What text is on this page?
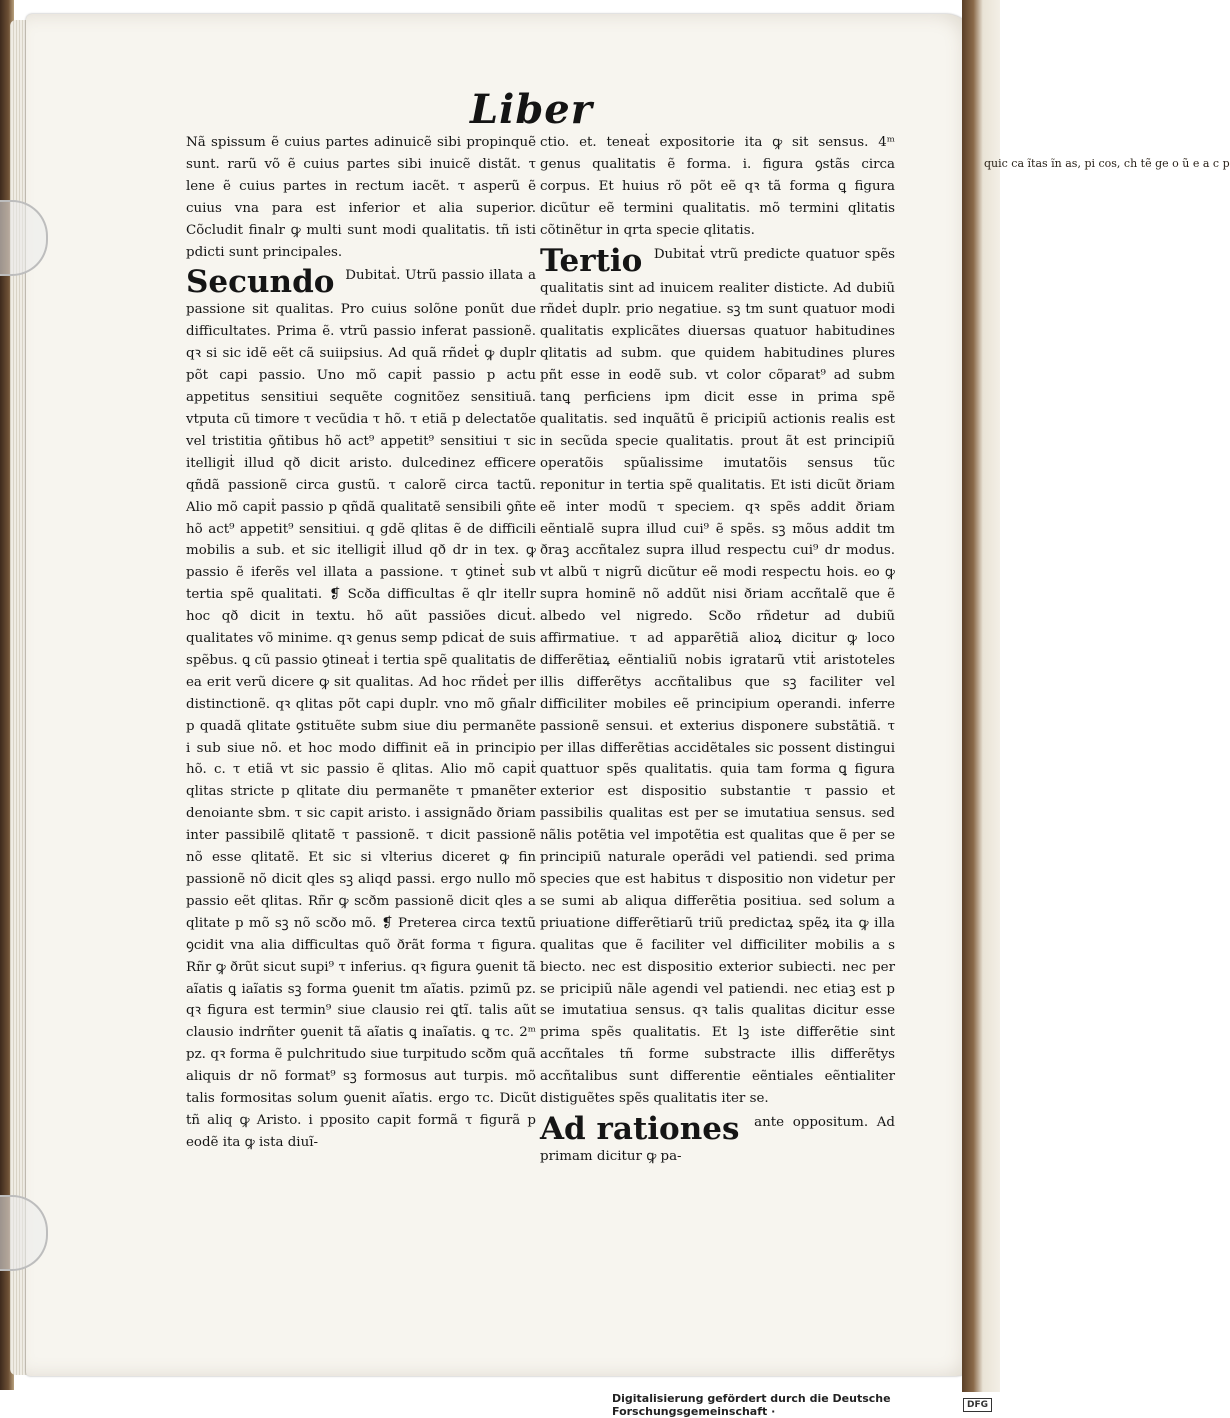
quic ca ĩtas ĩn as, pi cos, ch tẽ ge o ũ e a c p
Liber

Nã spissum ẽ cuius partes adinuicẽ sibi propinquẽ sunt. rarũ võ ẽ cuius partes sibi inuicẽ distãt. τ lene ẽ cuius partes in rectum iacẽt. τ asperũ ẽ cuius vna para est inferior et alia superior. Cõcludit finalr ꝙ multi sunt modi qualitatis. tñ isti pdicti sunt principales.

Secundo Dubitaṫ. Utrũ passio illata a passione sit qualitas. Pro cuius solõne ponũt due difficultates. Prima ẽ. vtrũ passio inferat passionẽ. qꝛ si sic idẽ eẽt cã suiipsius. Ad quã rñdeṫ ꝙ duplr põt capi passio. Uno mõ capiṫ passio p actu appetitus sensitiui sequẽte cognitõez sensitiuã. vtputa cũ timore τ vecũdia τ hõ. τ etiã p delectatõe vel tristitia ꝯñtibus hõ act⁹ appetit⁹ sensitiui τ sic itelligiṫ illud qð dicit aristo. dulcedinez efficere qñdã passionẽ circa gustũ. τ calorẽ circa tactũ. Alio mõ capiṫ passio p qñdã qualitatẽ sensibili ꝯñte hõ act⁹ appetit⁹ sensitiui. q gdẽ qlitas ẽ de difficili mobilis a sub. et sic itelligiṫ illud qð dr in tex. ꝙ passio ẽ iferẽs vel illata a passione. τ ꝯtineṫ sub tertia spẽ qualitati. ❡ Scða difficultas ẽ qlr itellr hoc qð dicit in textu. hõ aũt passiões dicuṫ. qualitates võ minime. qꝛ genus semp pdicaṫ de suis spẽbus. ꝗ cũ passio ꝯtineaṫ i tertia spẽ qualitatis de ea erit verũ dicere ꝙ sit qualitas. Ad hoc rñdeṫ per distinctionẽ. qꝛ qlitas põt capi duplr. vno mõ gñalr p quadã qlitate ꝯstituẽte subm siue diu permanẽte i sub siue nõ. et hoc modo diffinit eã in principio hõ. c. τ etiã vt sic passio ẽ qlitas. Alio mõ capiṫ qlitas stricte p qlitate diu permanẽte τ pmanẽter denoiante sbm. τ sic capit aristo. i assignãdo ðriam inter passibilẽ qlitatẽ τ passionẽ. τ dicit passionẽ nõ esse qlitatẽ. Et sic si vlterius diceret ꝙ fin passionẽ nõ dicit qles sꝫ aliqd passi. ergo nullo mõ passio eẽt qlitas. Rñr ꝙ scðm passionẽ dicit qles a qlitate p mõ sꝫ nõ scðo mõ. ❡ Preterea circa textũ ꝯcidit vna alia difficultas quõ ðrãt forma τ figura. Rñr ꝙ ðrũt sicut supi⁹ τ inferius. qꝛ figura ꝯuenit tã aĩatis ꝗ iaĩatis sꝫ forma ꝯuenit tm aĩatis. pzimũ pz. qꝛ figura est termin⁹ siue clausio rei ꝗtĩ. talis aũt clausio indrñter ꝯuenit tã aĩatis ꝗ inaĩatis. ꝗ τc. 2ᵐ pz. qꝛ forma ẽ pulchritudo siue turpitudo scðm quã aliquis dr nõ format⁹ sꝫ formosus aut turpis. mõ talis formositas solum ꝯuenit aĩatis. ergo τc. Dicũt tñ aliq ꝙ Aristo. i pposito capit formã τ figurã p eodẽ ita ꝙ ista diuĩ-

ctio. et. teneaṫ expositorie ita ꝙ sit sensus. 4ᵐ genus qualitatis ẽ forma. i. figura ꝯstãs circa corpus. Et huius rõ põt eẽ qꝛ tã forma ꝗ figura dicũtur eẽ termini qualitatis. mõ termini qlitatis cõtinẽtur in qrta specie qlitatis.

Tertio Dubitaṫ vtrũ predicte quatuor spẽs qualitatis sint ad inuicem realiter disticte. Ad dubiũ rñdeṫ duplr. prio negatiue. sꝫ tm sunt quatuor modi qualitatis explicãtes diuersas quatuor habitudines qlitatis ad subm. que quidem habitudines plures pñt esse in eodẽ sub. vt color cõparat⁹ ad subm tanꝗ perficiens ipm dicit esse in prima spẽ qualitatis. sed inquãtũ ẽ pricipiũ actionis realis est in secũda specie qualitatis. prout ãt est principiũ operatõis spũalissime imutatõis sensus tũc reponitur in tertia spẽ qualitatis. Et isti dicũt ðriam eẽ inter modũ τ speciem. qꝛ spẽs addit ðriam eẽntialẽ supra illud cui⁹ ẽ spẽs. sꝫ mõus addit tm ðraꝫ accñtalez supra illud respectu cui⁹ dr modus. vt albũ τ nigrũ dicũtur eẽ modi respectu hois. eo ꝙ supra hominẽ nõ addũt nisi ðriam accñtalẽ que ẽ albedo vel nigredo. Scðo rñdetur ad dubiũ affirmatiue. τ ad apparẽtiã alioꝝ dicitur ꝙ loco differẽtiaꝝ eẽntialiũ nobis igratarũ vtiṫ aristoteles illis differẽtys accñtalibus que sꝫ faciliter vel difficiliter mobiles eẽ principium operandi. inferre passionẽ sensui. et exterius disponere substãtiã. τ per illas differẽtias accidẽtales sic possent distingui quattuor spẽs qualitatis. quia tam forma ꝗ figura exterior est dispositio substantie τ passio et passibilis qualitas est per se imutatiua sensus. sed nãlis potẽtia vel impotẽtia est qualitas que ẽ per se principiũ naturale operãdi vel patiendi. sed prima species que est habitus τ dispositio non videtur per se sumi ab aliqua differẽtia positiua. sed solum a priuatione differẽtiarũ triũ predictaꝝ spẽꝝ ita ꝙ illa qualitas que ẽ faciliter vel difficiliter mobilis a s biecto. nec est dispositio exterior subiecti. nec per se pricipiũ nãle agendi vel patiendi. nec etiaꝫ est p se imutatiua sensus. qꝛ talis qualitas dicitur esse prima spẽs qualitatis. Et lꝫ iste differẽtie sint accñtales tñ forme substracte illis differẽtys accñtalibus sunt differentie eẽntiales eẽntialiter distiguẽtes spẽs qualitatis iter se.

Ad rationes ante oppositum. Ad primam dicitur ꝙ pa-

Digitalisierung gefördert durch die Deutsche Forschungsgemeinschaft ·	DFG
